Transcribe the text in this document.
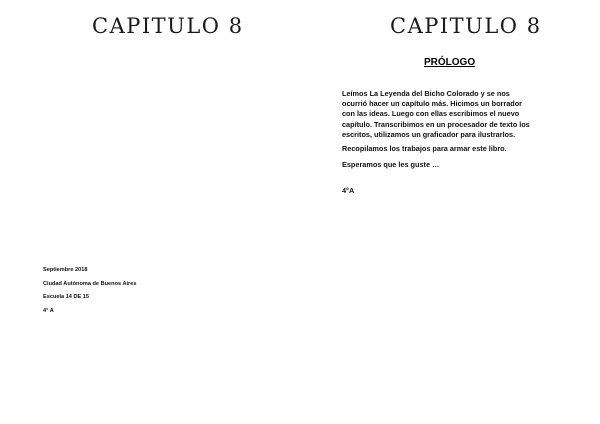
CAPITULO 8
Septiembre 2018
Ciudad Autónoma de Buenos Aires
Escuela 14 DE 15
4° A
CAPITULO 8
PRÓLOGO
Leímos La Leyenda del Bicho Colorado y se nos
ocurrió hacer un capítulo más. Hicimos un borrador
con las ideas. Luego con ellas escribimos el nuevo
capítulo. Transcribimos en un procesador de texto los
escritos, utilizamos un graficador para ilustrarlos.
Recopilamos los trabajos para armar este libro.
Esperamos que les guste …
4°A
